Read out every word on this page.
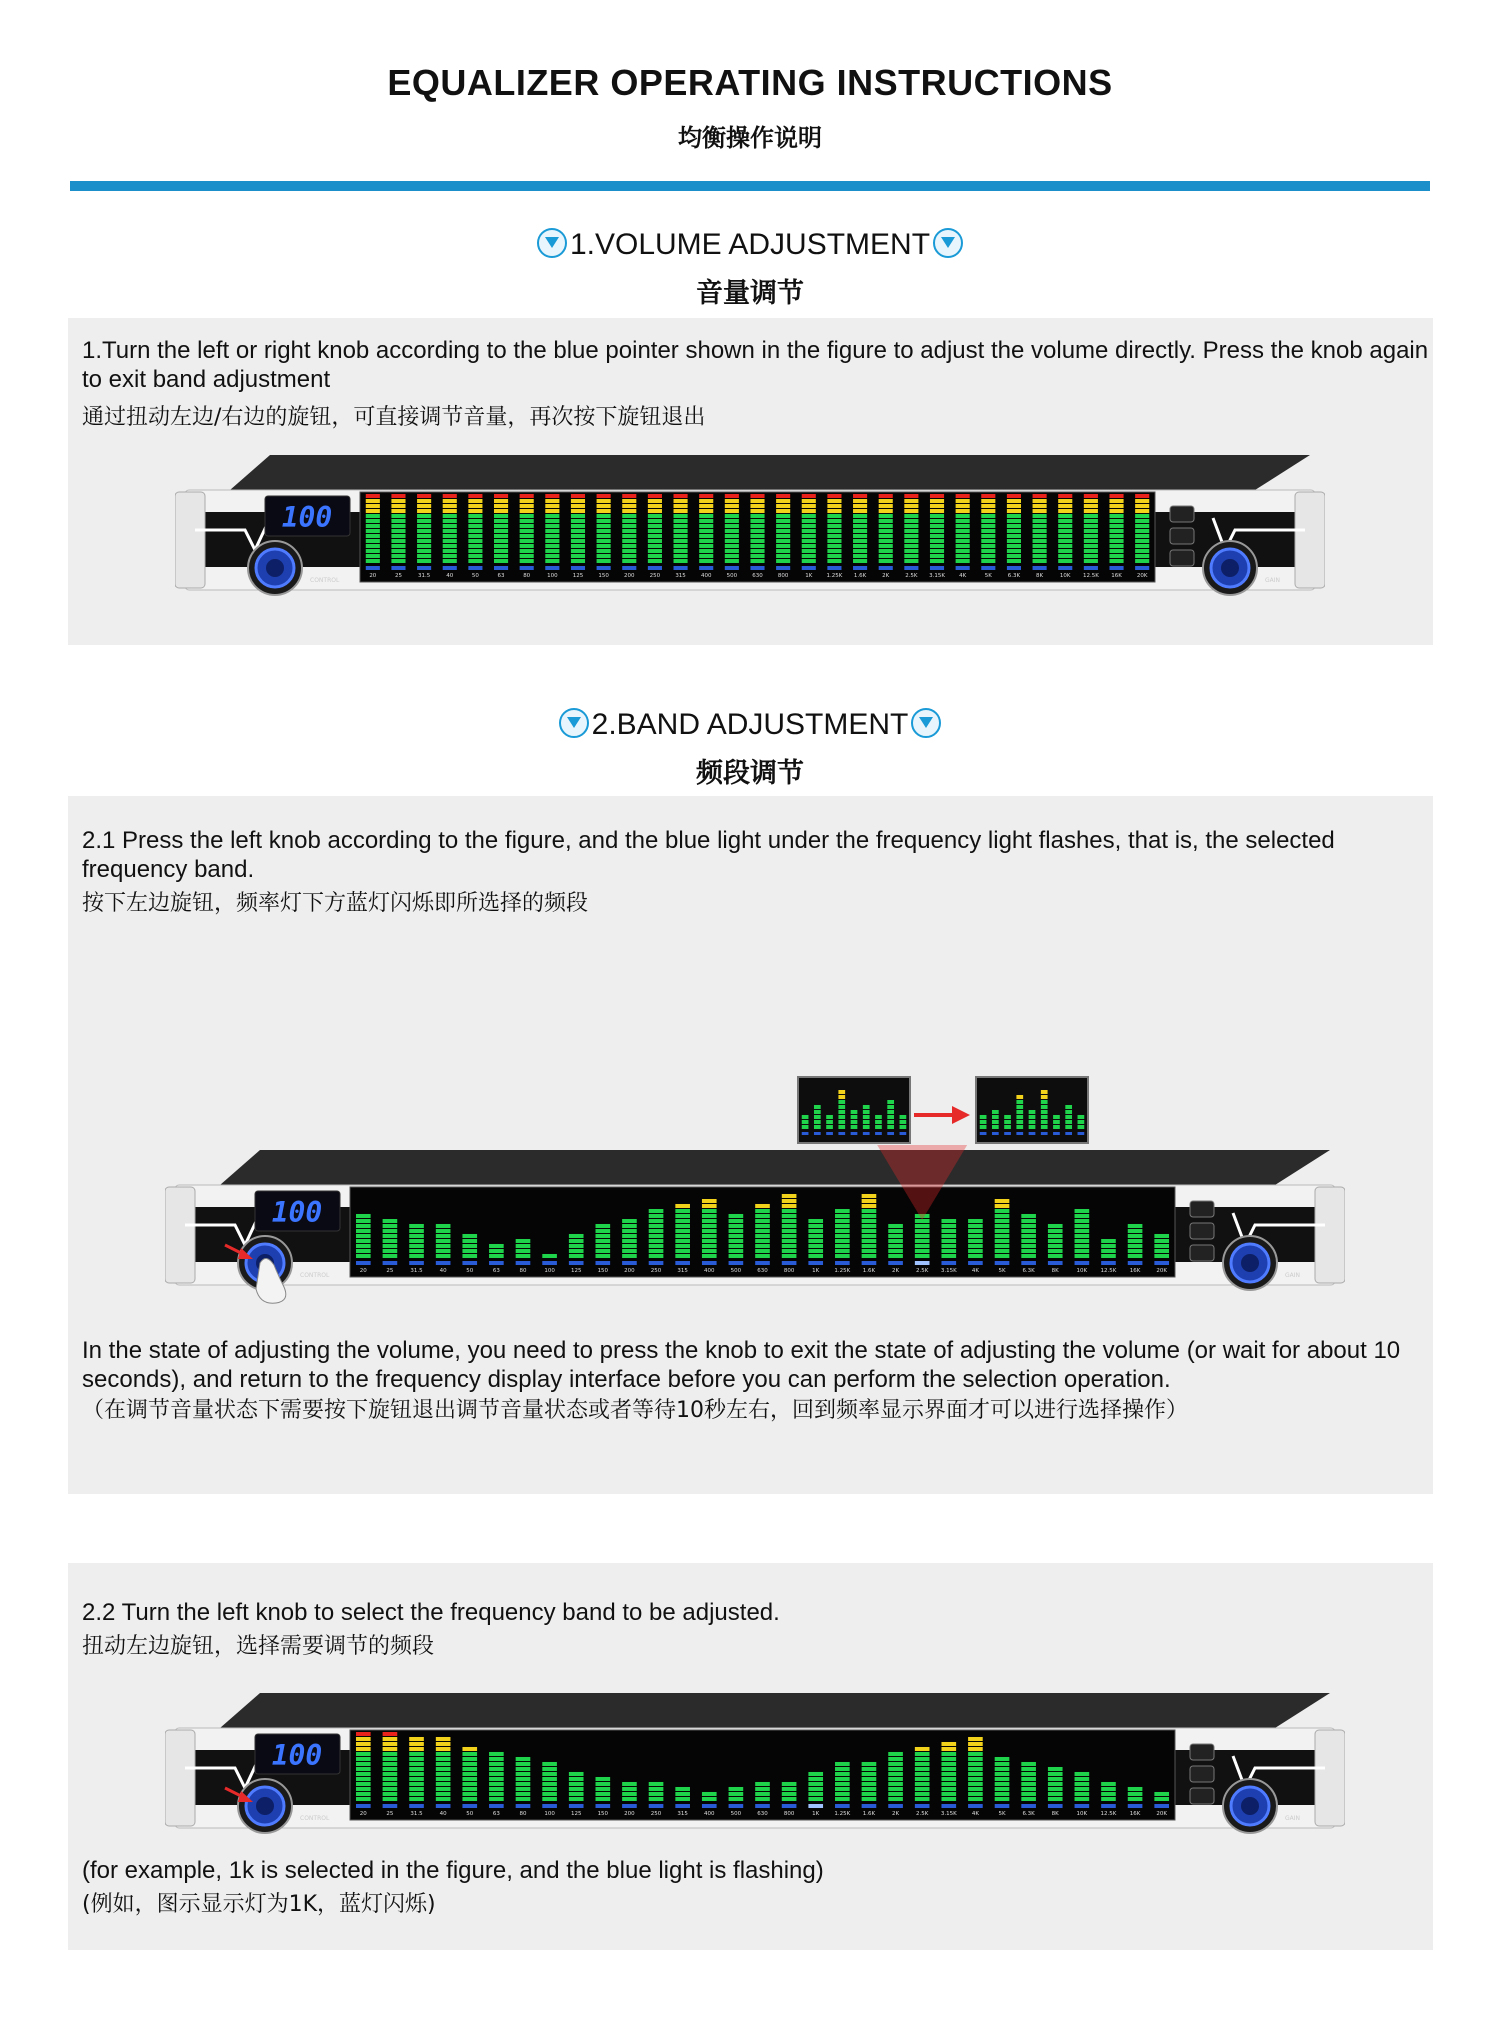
EQUALIZER OPERATING INSTRUCTIONS
均衡操作说明
1.VOLUME ADJUSTMENT
音量调节
1.Turn the left or right knob according to the blue pointer shown in the figure to adjust the volume directly. Press the knob again to exit band adjustment
通过扭动左边/右边的旋钮，可直接调节音量，再次按下旋钮退出
100
CONTROL	GAIN
20	25	31.5	40	50	63	80	100	125	150	200	250	315	400	500	630	800	1K	1.25K 1.6K	2K	2.5K 3.15K	4K	5K	6.3K	8K	10K 12.5K 16K	20K
2.BAND ADJUSTMENT
频段调节
2.1 Press the left knob according to the figure, and the blue light under the frequency light flashes, that is, the selected frequency band.
按下左边旋钮，频率灯下方蓝灯闪烁即所选择的频段
100
CONTROL	GAIN
20	25	31.5	40	50	63	80	100	125	150	200	250	315	400	500	630	800	1K	1.25K 1.6K	2K	2.5K 3.15K	4K	5K	6.3K	8K	10K 12.5K 16K	20K
In the state of adjusting the volume, you need to press the knob to exit the state of adjusting the volume (or wait for about 10 seconds), and return to the frequency display interface before you can perform the selection operation.
（在调节音量状态下需要按下旋钮退出调节音量状态或者等待10秒左右，回到频率显示界面才可以进行选择操作）
2.2 Turn the left knob to select the frequency band to be adjusted.
扭动左边旋钮，选择需要调节的频段
100
CONTROL	GAIN
20	25	31.5	40	50	63	80	100	125	150	200	250	315	400	500	630	800	1K	1.25K 1.6K	2K	2.5K 3.15K	4K	5K	6.3K	8K	10K 12.5K 16K	20K
(for example, 1k is selected in the figure, and the blue light is flashing)
(例如，图示显示灯为1K，蓝灯闪烁)
